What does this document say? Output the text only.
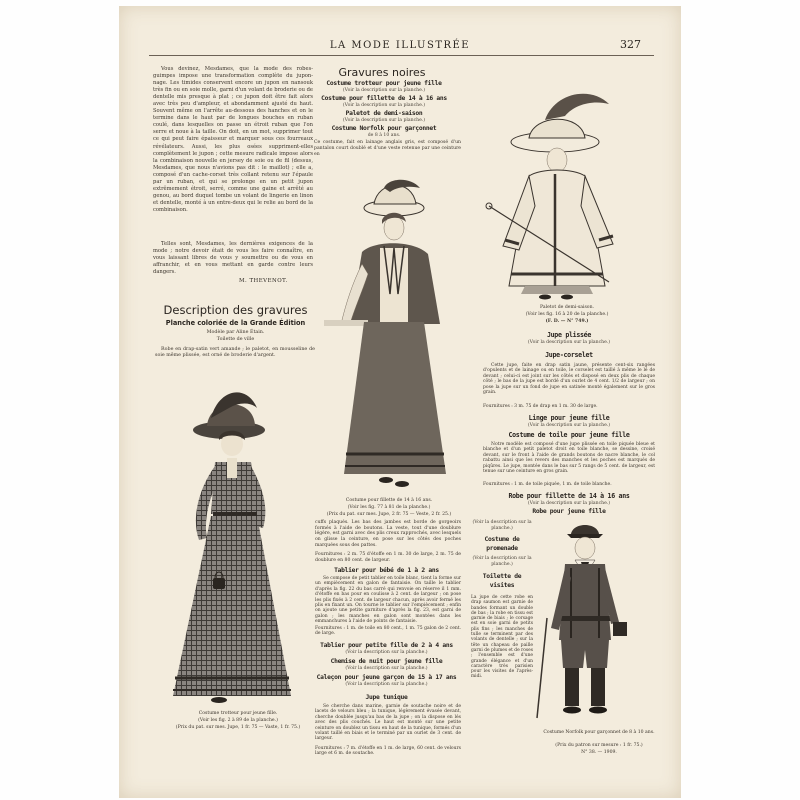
LA MODE ILLUSTRÉE	327
Vous devinez, Mesdames, que la mode des robes-guimpes impose une transformation complète du jupon-nage. Les timides conservent encore un jupon en nansouk très fin ou en soie molle, garni d'un volant de broderie ou de dentelle mis presque à plat ; ce jupon doit être fait alors avec très peu d'ampleur, et abondamment ajusté du haut. Souvent même on l'arrête au-dessous des hanches et on le termine dans le haut par de longues bouches en ruban coulé, dans lesquelles on passe un étroit ruban que l'on serre et noue à la taille. On doit, en un mot, supprimer tout ce qui peut faire épaisseur et marquer sous ces fourreaux révélateurs. Aussi, les plus osées suppriment-elles complètement le jupon ; cette mesure radicale impose alors la combinaison nouvelle en jersey de soie ou de fil (dessus, Mesdames, que nous n'avions pas dit : le maillot) ; elle a, composé d'un cache-corset très collant retenu sur l'épaule par un ruban, et qui se prolonge en un petit jupon extrêmement étroit, serré, comme une gaine et arrêté au genou, au bord duquel tombe un volant de lingerie en linon et dentelle, monté à un entre-deux qui le relie au bord de la combinaison.
Telles sont, Mesdames, les dernières exigences de la mode ; notre devoir était de vous les faire connaître, en vous laissant libres de vous y soumettre ou de vous en affranchir, et en vous mettant en garde contre leurs dangers.
M. THEVENOT.
Description des gravures
Planche coloriée de la Grande Édition
Modèle par Aline Étain.
Toilette de ville
Robe en drap-satin vert amande ; le paletot, en mousseline de soie même plissée, est orné de broderie d'argent.
Costume trotteur pour jeune fille.
(Voir les fig. 2 à 89 de la planche.)
(Prix du pat. sur mes. Jupe, 1 fr. 75 — Vaste, 1 fr. 75.)
Gravures noires
Costume trotteur pour jeune fille
(Voir la description sur la planche.)
Costume pour fillette de 14 à 16 ans
(Voir la description sur la planche.)
Paletot de demi-saison
(Voir la description sur la planche.)
Costume Norfolk pour garçonnet
de 8 à 10 ans.
Ce costume, fait en lainage anglais gris, est composé d'un pantalon court doublé et d'une veste retenue par une ceinture en
Costume pour fillette de 14 à 16 ans.
(Voir les fig. 77 à 81 de la planche.)
(Prix du pat. sur mes. Jupe, 2 fr. 75 — Veste, 2 fr. 25.)
cuffs plaqués. Les bas des jambes est borde de gorgeoirs formés à l'aide de boutons. La veste, tout d'une doublure légère, est garni avec des plis creux rapprochés, avec lesquels on glisse la ceinture, en pose sur les côtés des poches marquées sous des pattes.
Fournitures : 2 m. 75 d'étoffe en 1 m. 30 de large, 2 m. 75 de doublure en 80 cent. de largeur.
Tablier pour bébé de 1 à 2 ans
Se compose de petit tablier en toile blanc, tient la forme sur un empiècement en galon de fantaisie. On taille le tablier d'après la fig. 22 du bas carré qui renvoie en réserve il 1 mm. d'étoffe en bas pour en coulisse à 2 cent. de largeur ; on pose les plis fixés à 2 cent. de largeur chacun, après avoir fermé les plis en fixant un. On tourne le tablier sur l'empiècement ; enfin on ajoute une petite garniture d'après la fig. 23, est garni de galon ; les manches en galon sont montées dans les emmanchures à l'aide de points de fantaisie.
Fournitures : 1 m. de toile en 80 cent., 1 m. 75 galon de 2 cent. de large.
Tablier pour petite fille de 2 à 4 ans
(Voir la description sur la planche.)
Chemise de nuit pour jeune fille
(Voir la description sur la planche.)
Caleçon pour jeune garçon de 15 à 17 ans
(Voir la description sur la planche.)
Jupe tunique
Se cherche dans marine, garnie de soutache noire et de lacets de velours bleu ; la tunique, légèrement évasée devant, cherche doublée jusqu'au bas de la jupe ; on la dispose en lés avec des plis couchés. Le haut est monté sur une petite ceinture on doublez un tissu en haut de la tunique, formés d'un volant taillé en biais et le terminé par un ourlet de 3 cent. de largeur.
Fournitures : 7 m. d'étoffe en 1 m. de large, 60 cent. de velours large et 6 m. de soutache.
Paletot de demi-saison.
(Voir les fig. 16 à 20 de la planche.)
(F. D. — N° 749.)
Jupe plissée
(Voir la description sur la planche.)
Jupe-corselet
Cette jupe, faite en drap satin jaune, présente cent-six rangées d'opulents et de lainage ou en toile, le corselet est taillé à même le lé de devant ; celui-ci est joint sur les côtés et disposé en deux plis de chaque côté ; le bas de la jupe est bordé d'un ourlet de 4 cent. 1/2 de largeur ; on pose la jupe sur un fond de jupe en satinée monté également sur le gros grain.
Fournitures : 3 m. 75 de drap en 1 m. 30 de large.
Linge pour jeune fille
(Voir la description sur la planche.)
Costume de toile pour jeune fille
Notre modèle est composé d'une jupe plissée en toile piquée bleue et blanche et d'un petit paletot droit en toile blanche, se dessine, croisé devant, sur le front à l'aide de grands boutons de nacre blanche, le col rabattu ainsi que les revers des manches et les poches est marqués de piqûres. Le jupe, montée dans le bas sur 5 rangs de 5 cent. de largeur, est tenue sur une ceinture en gros grain.
Fournitures : 1 m. de toile piquée, 1 m. de toile blanche.
Robe pour fillette de 14 à 16 ans
(Voir la description sur la planche.)
Robe pour jeune fille
(Voir la description sur la planche.)
Costume de promenade
(Voir la description sur la planche.)
Toilette de visites
La jupe de cette robe en drap saumon est garnie de bandes formant un double de bas ; la robe en tissu est garnie de biais ; le corsage est en soie garni de petits plis fins ; les manches de tulle se terminent par des volants de dentelle ; sur la tête un chapeau de paille garni de plumes et de roses ; l'ensemble est d'une grande élégance et d'un caractère très parisien pour les visites de l'après-midi.
Costume Norfolk pour garçonnet de 8 à 10 ans.
(Prix du patron sur mesure : 1 fr. 75.)
N° 38. — 1909.
